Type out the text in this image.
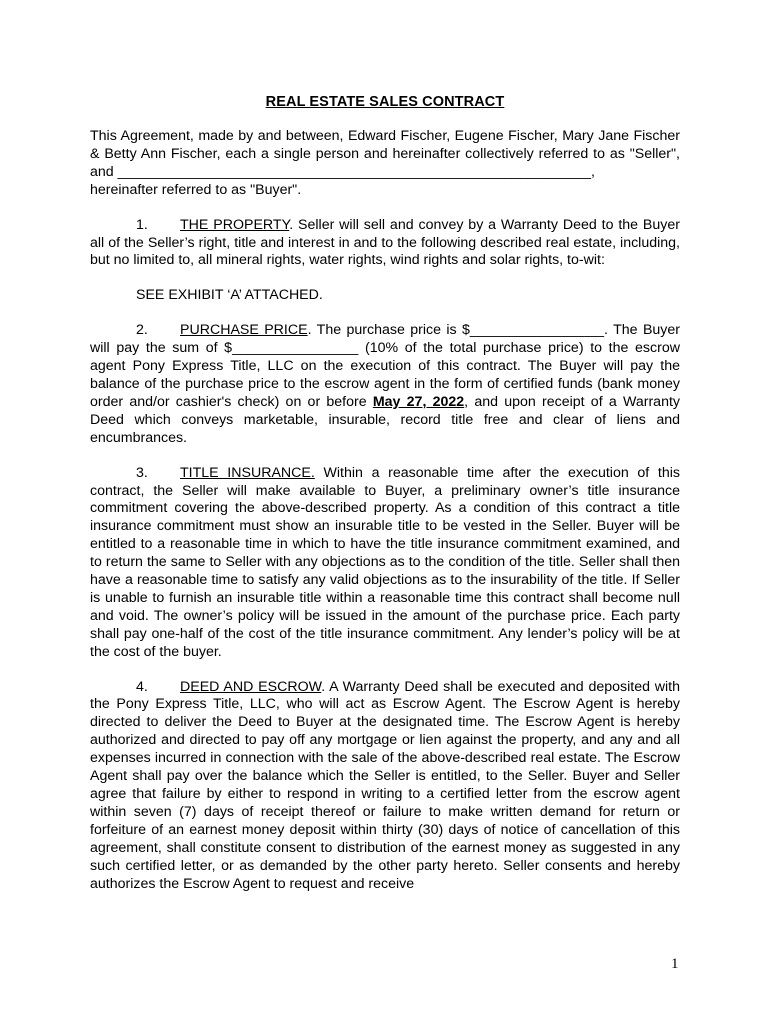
REAL ESTATE SALES CONTRACT

This Agreement, made by and between, Edward Fischer, Eugene Fischer, Mary Jane Fischer & Betty Ann Fischer, each a single person and hereinafter collectively referred to as "Seller", and ____________________________________________________________,
hereinafter referred to as "Buyer".

1. THE PROPERTY. Seller will sell and convey by a Warranty Deed to the Buyer all of the Seller’s right, title and interest in and to the following described real estate, including, but no limited to, all mineral rights, water rights, wind rights and solar rights, to-wit:

SEE EXHIBIT ‘A’ ATTACHED.

2. PURCHASE PRICE. The purchase price is $_________________. The Buyer will pay the sum of $________________ (10% of the total purchase price) to the escrow agent Pony Express Title, LLC on the execution of this contract. The Buyer will pay the balance of the purchase price to the escrow agent in the form of certified funds (bank money order and/or cashier's check) on or before May 27, 2022, and upon receipt of a Warranty Deed which conveys marketable, insurable, record title free and clear of liens and encumbrances.

3. TITLE INSURANCE. Within a reasonable time after the execution of this contract, the Seller will make available to Buyer, a preliminary owner’s title insurance commitment covering the above-described property. As a condition of this contract a title insurance commitment must show an insurable title to be vested in the Seller. Buyer will be entitled to a reasonable time in which to have the title insurance commitment examined, and to return the same to Seller with any objections as to the condition of the title. Seller shall then have a reasonable time to satisfy any valid objections as to the insurability of the title. If Seller is unable to furnish an insurable title within a reasonable time this contract shall become null and void. The owner’s policy will be issued in the amount of the purchase price. Each party shall pay one-half of the cost of the title insurance commitment. Any lender’s policy will be at the cost of the buyer.

4. DEED AND ESCROW. A Warranty Deed shall be executed and deposited with the Pony Express Title, LLC, who will act as Escrow Agent. The Escrow Agent is hereby directed to deliver the Deed to Buyer at the designated time. The Escrow Agent is hereby authorized and directed to pay off any mortgage or lien against the property, and any and all expenses incurred in connection with the sale of the above-described real estate. The Escrow Agent shall pay over the balance which the Seller is entitled, to the Seller. Buyer and Seller agree that failure by either to respond in writing to a certified letter from the escrow agent within seven (7) days of receipt thereof or failure to make written demand for return or forfeiture of an earnest money deposit within thirty (30) days of notice of cancellation of this agreement, shall constitute consent to distribution of the earnest money as suggested in any such certified letter, or as demanded by the other party hereto. Seller consents and hereby authorizes the Escrow Agent to request and receive

1
